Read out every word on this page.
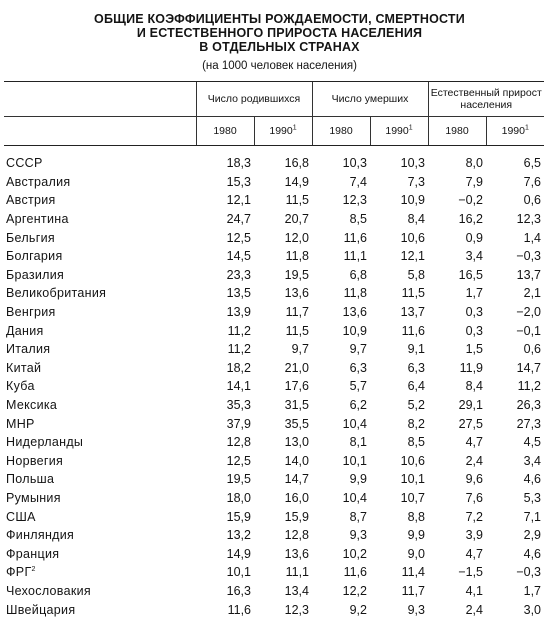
ОБЩИЕ КОЭФФИЦИЕНТЫ РОЖДАЕМОСТИ, СМЕРТНОСТИ
И ЕСТЕСТВЕННОГО ПРИРОСТА НАСЕЛЕНИЯ
В ОТДЕЛЬНЫХ СТРАНАХ
(на 1000 человек населения)
	Число родившихся		Число умерших		Естественный прирост населения	
	1980	1990$^1$	1980	1990$^1$	1980	1990$^1$

СССР	18,3	16,8	10,3	10,3	8,0	6,5
Австралия	15,3	14,9	7,4	7,3	7,9	7,6
Австрия	12,1	11,5	12,3	10,9	−0,2	0,6
Аргентина	24,7	20,7	8,5	8,4	16,2	12,3
Бельгия	12,5	12,0	11,6	10,6	0,9	1,4
Болгария	14,5	11,8	11,1	12,1	3,4	−0,3
Бразилия	23,3	19,5	6,8	5,8	16,5	13,7
Великобритания	13,5	13,6	11,8	11,5	1,7	2,1
Венгрия	13,9	11,7	13,6	13,7	0,3	−2,0
Дания	11,2	11,5	10,9	11,6	0,3	−0,1
Италия	11,2	9,7	9,7	9,1	1,5	0,6
Китай	18,2	21,0	6,3	6,3	11,9	14,7
Куба	14,1	17,6	5,7	6,4	8,4	11,2
Мексика	35,3	31,5	6,2	5,2	29,1	26,3
МНР	37,9	35,5	10,4	8,2	27,5	27,3
Нидерланды	12,8	13,0	8,1	8,5	4,7	4,5
Норвегия	12,5	14,0	10,1	10,6	2,4	3,4
Польша	19,5	14,7	9,9	10,1	9,6	4,6
Румыния	18,0	16,0	10,4	10,7	7,6	5,3
США	15,9	15,9	8,7	8,8	7,2	7,1
Финляндия	13,2	12,8	9,3	9,9	3,9	2,9
Франция	14,9	13,6	10,2	9,0	4,7	4,6
ФРГ$^2$	10,1	11,1	11,6	11,4	−1,5	−0,3
Чехословакия	16,3	13,4	12,2	11,7	4,1	1,7
Швейцария	11,6	12,3	9,2	9,3	2,4	3,0
